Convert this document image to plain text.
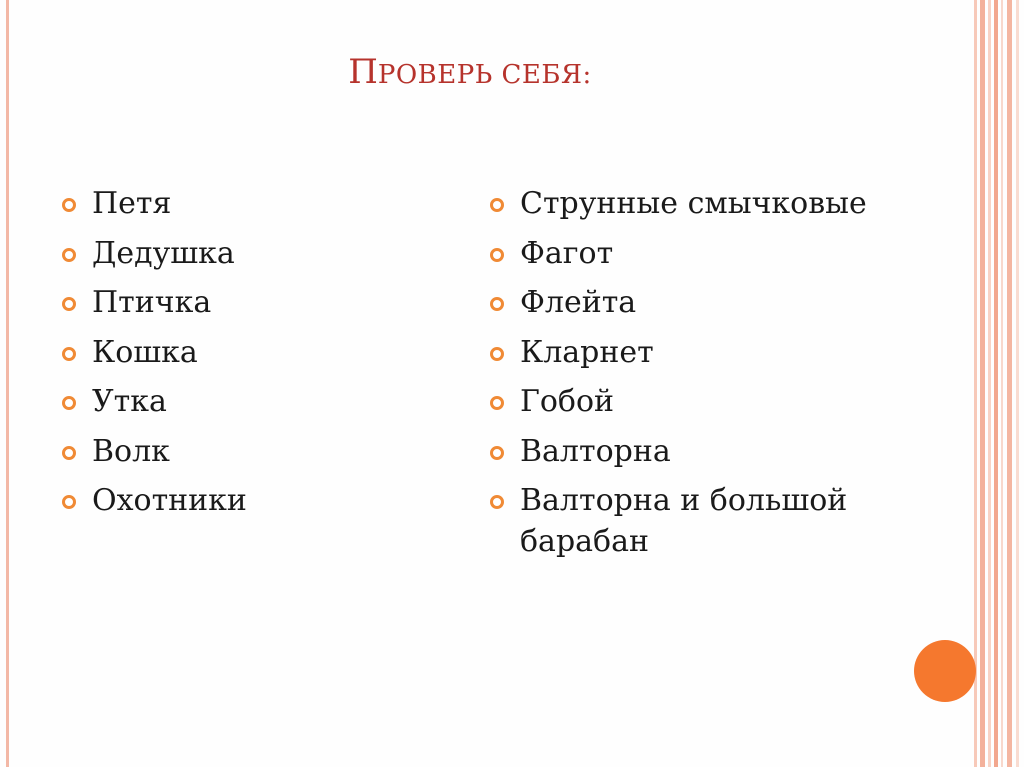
ПРОВЕРЬ СЕБЯ:
Петя
Дедушка
Птичка
Кошка
Утка
Волк
Охотники
Струнные смычковые
Фагот
Флейта
Кларнет
Гобой
Валторна
Валторна и большой барабан
